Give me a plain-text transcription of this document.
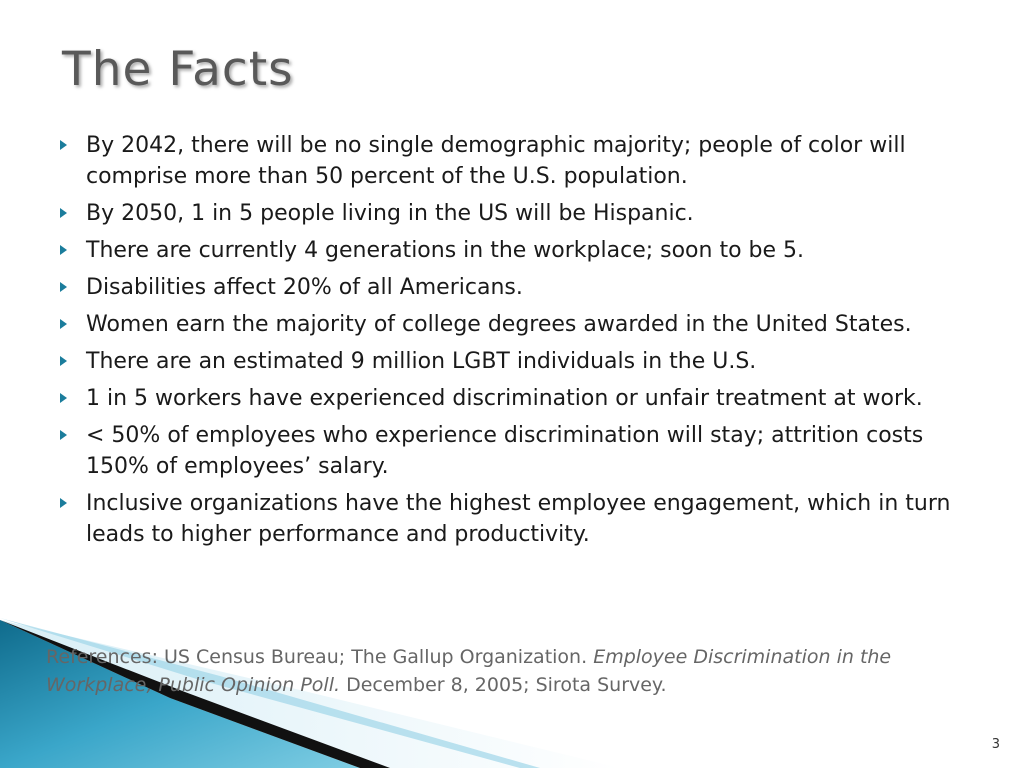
The Facts
By 2042, there will be no single demographic majority; people of color will comprise more than 50 percent of the U.S. population.
By 2050, 1 in 5 people living in the US will be Hispanic.
There are currently 4 generations in the workplace; soon to be 5.
Disabilities affect 20% of all Americans.
Women earn the majority of college degrees awarded in the United States.
There are an estimated 9 million LGBT individuals in the U.S.
1 in 5 workers have experienced discrimination or unfair treatment at work.
< 50% of employees who experience discrimination will stay; attrition costs 150% of employees’ salary.
Inclusive organizations have the highest employee engagement, which in turn leads to higher performance and productivity.

References: US Census Bureau; The Gallup Organization. Employee Discrimination in the Workplace, Public Opinion Poll. December 8, 2005; Sirota Survey.

3
